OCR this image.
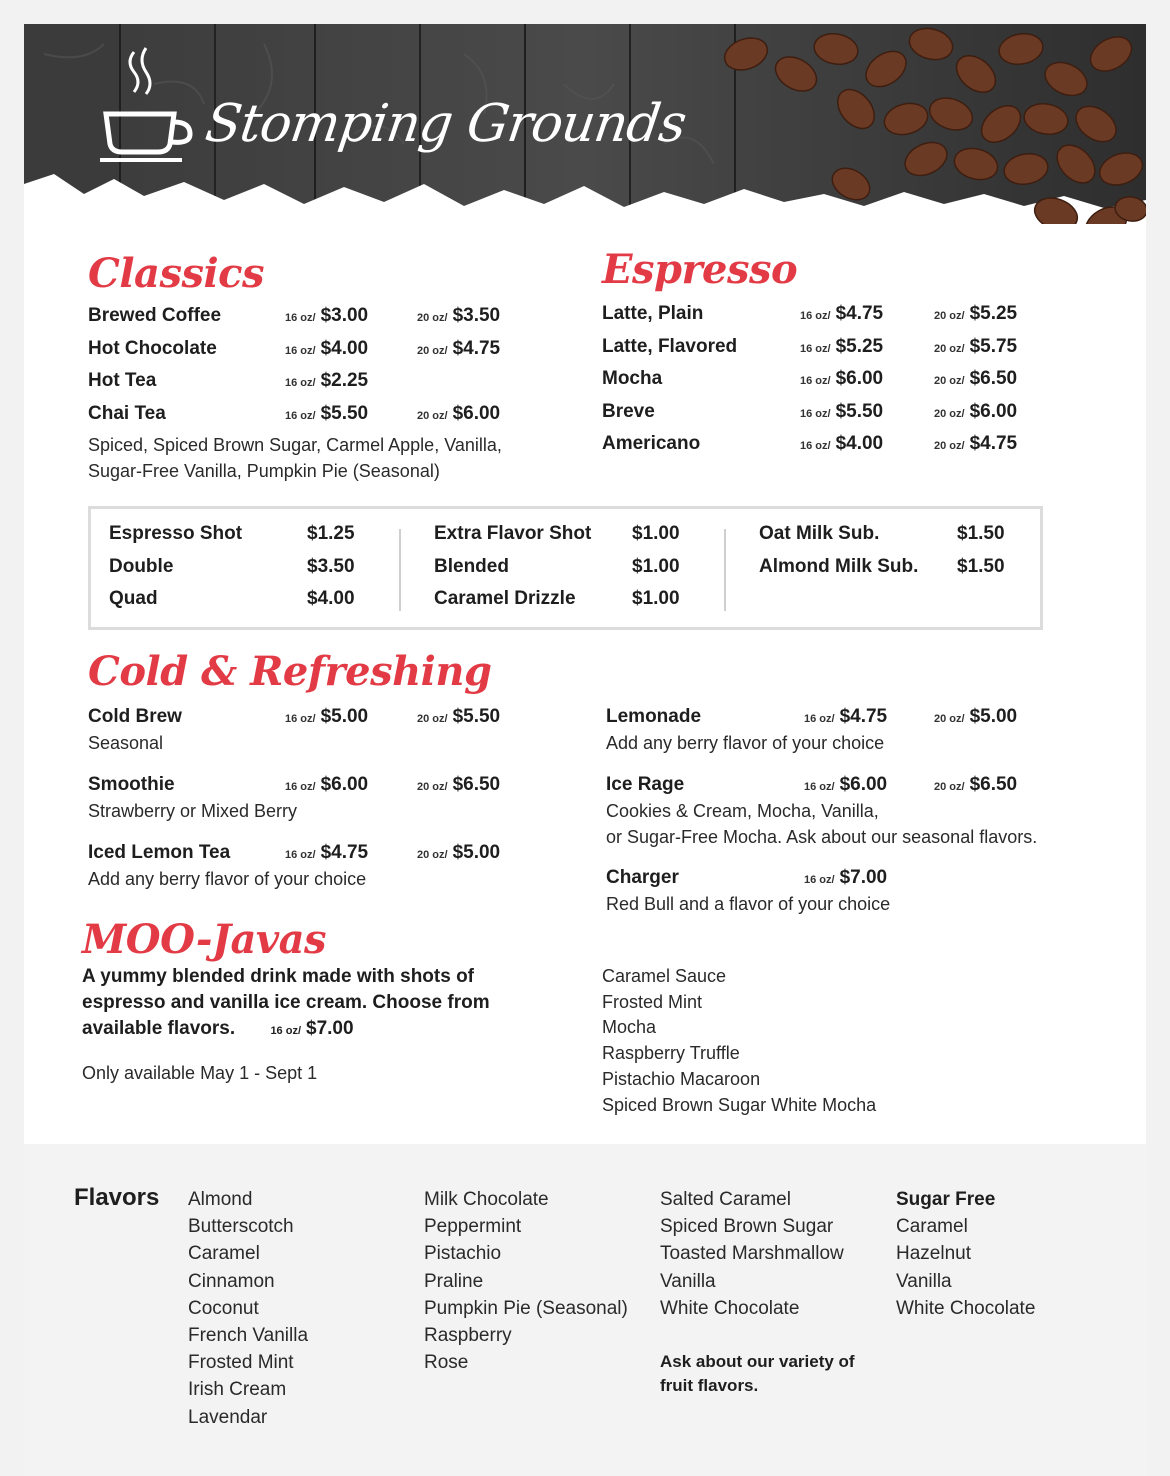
Stomping Grounds
Classics
Brewed Coffee	16 oz/ $3.00	20 oz/ $3.50
Hot Chocolate	16 oz/ $4.00	20 oz/ $4.75
Hot Tea	16 oz/ $2.25
Chai Tea	16 oz/ $5.50	20 oz/ $6.00
Spiced, Spiced Brown Sugar, Carmel Apple, Vanilla,
Sugar-Free Vanilla, Pumpkin Pie (Seasonal)
Espresso
Latte, Plain	16 oz/ $4.75	20 oz/ $5.25
Latte, Flavored	16 oz/ $5.25	20 oz/ $5.75
Mocha	16 oz/ $6.00	20 oz/ $6.50
Breve	16 oz/ $5.50	20 oz/ $6.00
Americano	16 oz/ $4.00	20 oz/ $4.75
Espresso Shot	$1.25
Double	$3.50
Quad	$4.00
Extra Flavor Shot $1.00
Blended	$1.00
Caramel Drizzle	$1.00
Oat Milk Sub.	$1.50
Almond Milk Sub. $1.50
Cold & Refreshing
Cold Brew	16 oz/ $5.00	20 oz/ $5.50
Seasonal
Smoothie	16 oz/ $6.00	20 oz/ $6.50
Strawberry or Mixed Berry
Iced Lemon Tea	16 oz/ $4.75	20 oz/ $5.00
Add any berry flavor of your choice
Lemonade	16 oz/ $4.75	20 oz/ $5.00
Add any berry flavor of your choice
Ice Rage	16 oz/ $6.00	20 oz/ $6.50
Cookies & Cream, Mocha, Vanilla,
or Sugar-Free Mocha. Ask about our seasonal flavors.
Charger	16 oz/ $7.00
Red Bull and a flavor of your choice
MOO-Javas
A yummy blended drink made with shots of espresso and vanilla ice cream. Choose from available flavors.	16 oz/ $7.00
Only available May 1 - Sept 1
Caramel Sauce
Frosted Mint
Mocha
Raspberry Truffle
Pistachio Macaroon
Spiced Brown Sugar White Mocha
Flavors Almond
Butterscotch
Caramel
Cinnamon
Coconut
French Vanilla
Frosted Mint
Irish Cream
Lavendar
Milk Chocolate
Peppermint
Pistachio
Praline
Pumpkin Pie (Seasonal)
Raspberry
Rose
Salted Caramel
Spiced Brown Sugar
Toasted Marshmallow
Vanilla
White Chocolate
Ask about our variety of fruit flavors.
Sugar Free
Caramel
Hazelnut
Vanilla
White Chocolate
